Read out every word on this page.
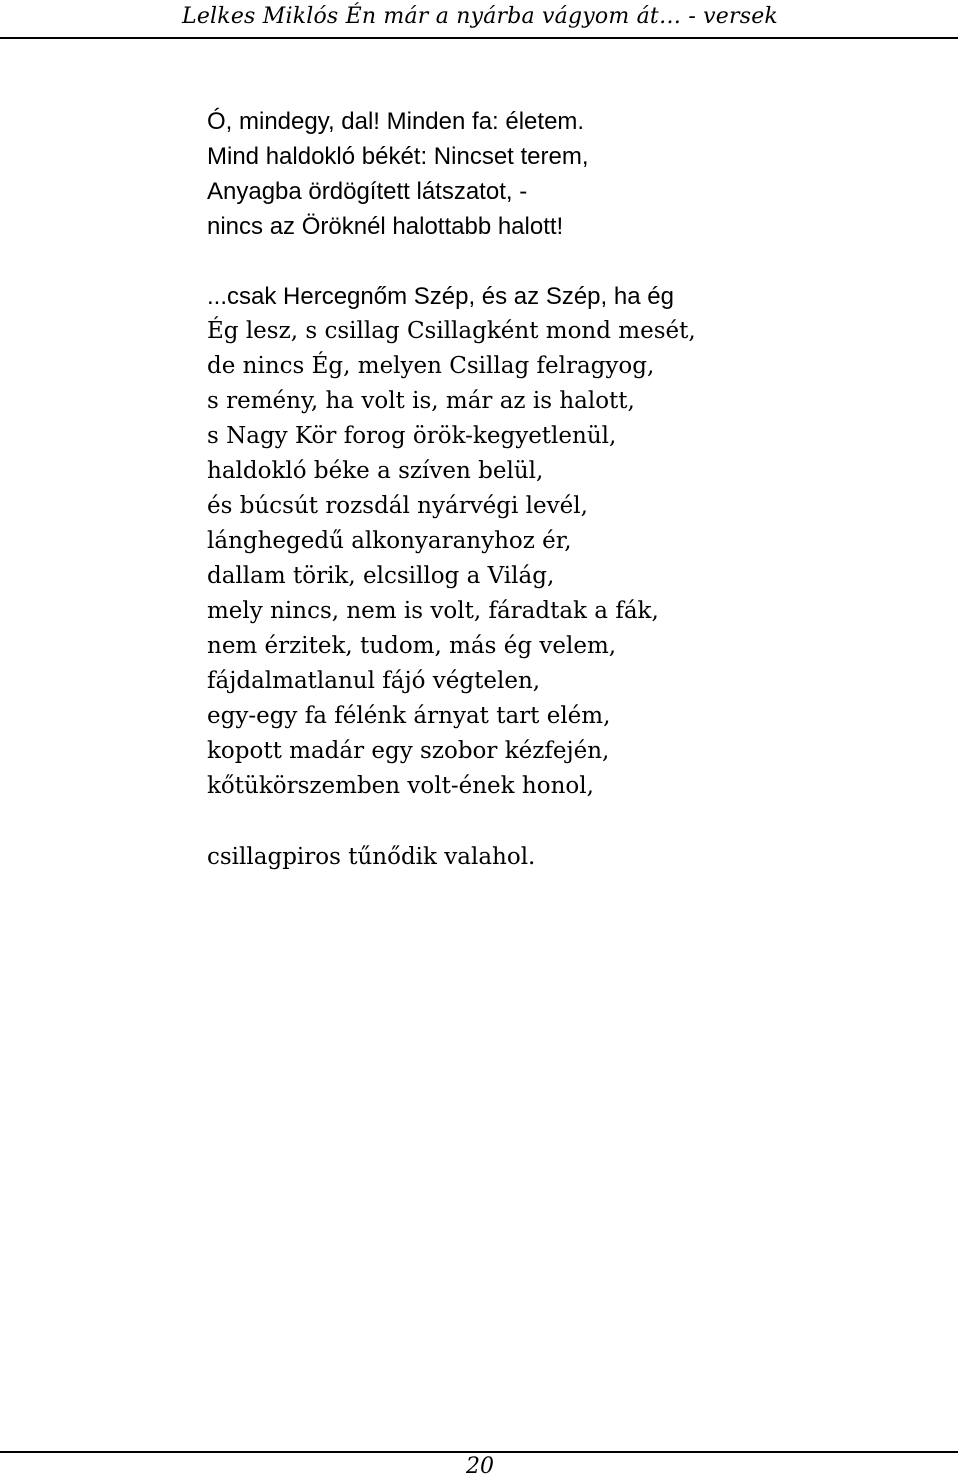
Lelkes Miklós Én már a nyárba vágyom át… - versek
Ó, mindegy, dal! Minden fa: életem.
Mind haldokló békét: Nincset terem,
Anyagba ördögített látszatot, -
nincs az Öröknél halottabb halott!
...csak Hercegnőm Szép, és az Szép, ha ég
Ég lesz, s csillag Csillagként mond mesét,
de nincs Ég, melyen Csillag felragyog,
s remény, ha volt is, már az is halott,
s Nagy Kör forog örök-kegyetlenül,
haldokló béke a szíven belül,
és búcsút rozsdál nyárvégi levél,
lánghegedű alkonyaranyhoz ér,
dallam törik, elcsillog a Világ,
mely nincs, nem is volt, fáradtak a fák,
nem érzitek, tudom, más ég velem,
fájdalmatlanul fájó végtelen,
egy-egy fa félénk árnyat tart elém,
kopott madár egy szobor kézfején,
kőtükörszemben volt-ének honol,
csillagpiros tűnődik valahol.
20
